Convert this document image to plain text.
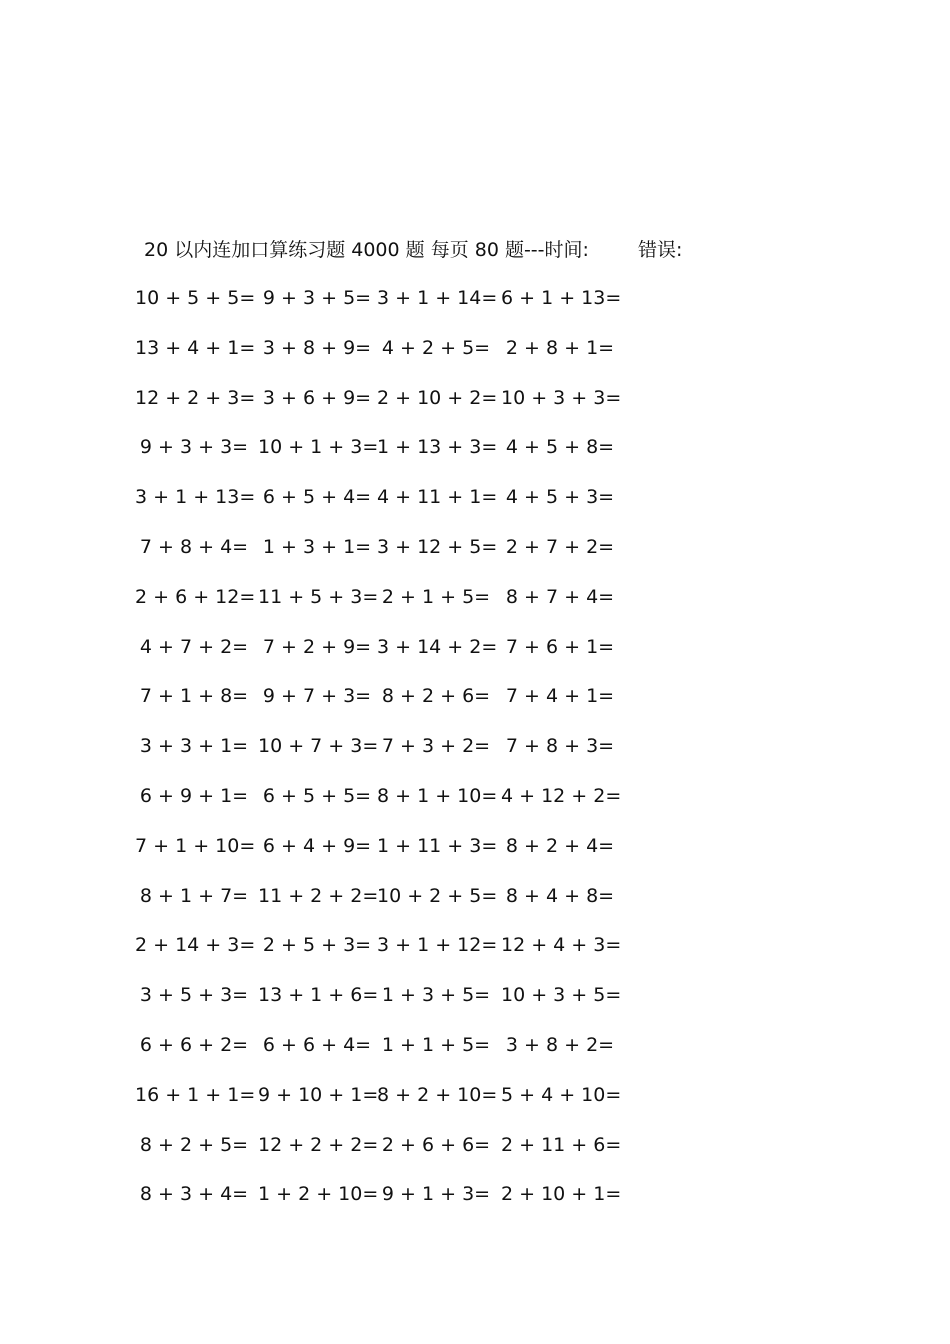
20 以内连加口算练习题 4000 题 每页 80 题---时间:	错误:
10 + 5 + 5= 9 + 3 + 5= 3 + 1 + 14= 6 + 1 + 13=
13 + 4 + 1= 3 + 8 + 9= 4 + 2 + 5= 2 + 8 + 1=
12 + 2 + 3= 3 + 6 + 9= 2 + 10 + 2= 10 + 3 + 3=
9 + 3 + 3= 10 + 1 + 3=
1 + 13 + 3= 4 + 5 + 8=
3 + 1 + 13= 6 + 5 + 4= 4 + 11 + 1= 4 + 5 + 3=
7 + 8 + 4= 1 + 3 + 1= 3 + 12 + 5= 2 + 7 + 2=
2 + 6 + 12= 11 + 5 + 3= 2 + 1 + 5= 8 + 7 + 4=
4 + 7 + 2= 7 + 2 + 9= 3 + 14 + 2= 7 + 6 + 1=
7 + 1 + 8= 9 + 7 + 3= 8 + 2 + 6= 7 + 4 + 1=
3 + 3 + 1= 10 + 7 + 3= 7 + 3 + 2= 7 + 8 + 3=
6 + 9 + 1= 6 + 5 + 5= 8 + 1 + 10= 4 + 12 + 2=
7 + 1 + 10= 6 + 4 + 9= 1 + 11 + 3= 8 + 2 + 4=
8 + 1 + 7= 11 + 2 + 2=
10 + 2 + 5= 8 + 4 + 8=
2 + 14 + 3= 2 + 5 + 3= 3 + 1 + 12= 12 + 4 + 3=
3 + 5 + 3= 13 + 1 + 6= 1 + 3 + 5= 10 + 3 + 5=
6 + 6 + 2= 6 + 6 + 4= 1 + 1 + 5= 3 + 8 + 2=
16 + 1 + 1= 9 + 10 + 1=
8 + 2 + 10= 5 + 4 + 10=
8 + 2 + 5= 12 + 2 + 2= 2 + 6 + 6= 2 + 11 + 6=
8 + 3 + 4= 1 + 2 + 10= 9 + 1 + 3= 2 + 10 + 1=
